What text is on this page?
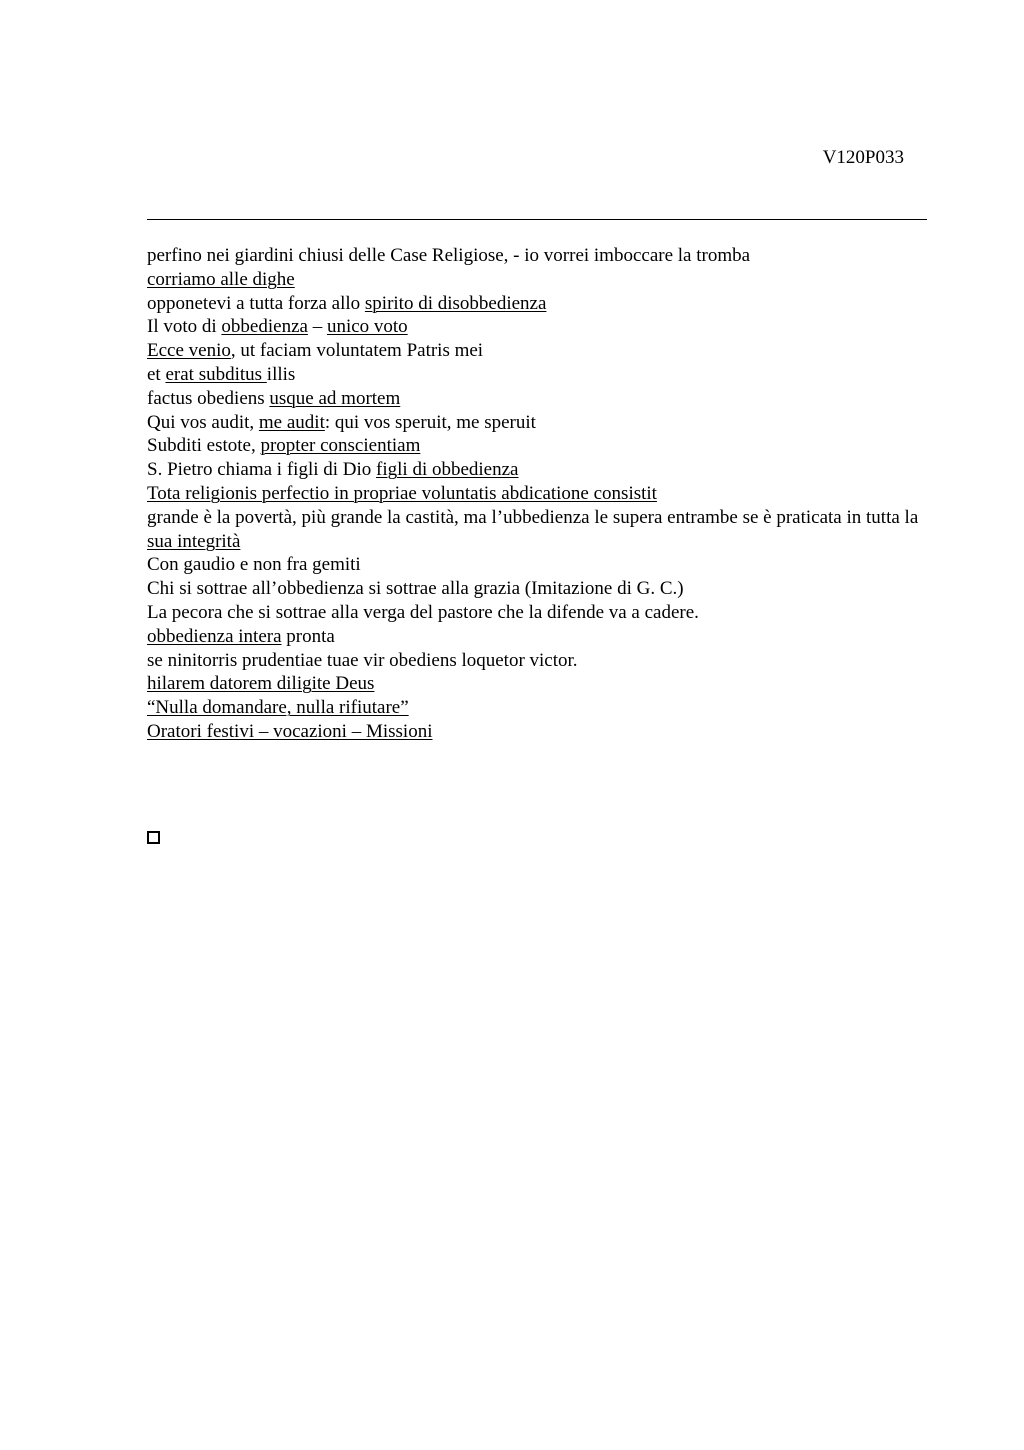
V120P033
perfino nei giardini chiusi delle Case Religiose, - io vorrei imboccare la tromba
corriamo alle dighe
opponetevi a tutta forza allo spirito di disobbedienza
Il voto di obbedienza – unico voto
Ecce venio, ut faciam voluntatem Patris mei
et erat subditus illis
factus obediens usque ad mortem
Qui vos audit, me audit: qui vos speruit, me speruit
Subditi estote, propter conscientiam
S. Pietro chiama i figli di Dio figli di obbedienza
Tota religionis perfectio in propriae voluntatis abdicatione consistit
grande è la povertà, più grande la castità, ma l’ubbedienza le supera entrambe se è praticata in tutta la sua integrità
Con gaudio e non fra gemiti
Chi si sottrae all’obbedienza si sottrae alla grazia (Imitazione di G. C.)
La pecora che si sottrae alla verga del pastore che la difende va a cadere.
obbedienza intera pronta
se ninitorris prudentiae tuae vir obediens loquetor victor.
hilarem datorem diligite Deus
“Nulla domandare, nulla rifiutare”
Oratori festivi – vocazioni – Missioni
